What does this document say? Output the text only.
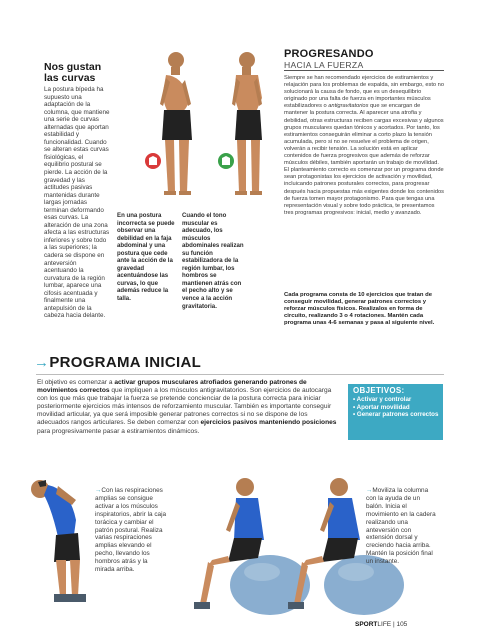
Nos gustan las curvas
La postura bípeda ha supuesto una adaptación de la columna, que mantiene una serie de curvas alternadas que aportan estabilidad y funcionalidad. Cuando se alteran estas curvas fisiológicas, el equilibrio postural se pierde. La acción de la gravedad y las actitudes pasivas mantenidas durante largas jornadas terminan deformando esas curvas. La alteración de una zona afecta a las estructuras inferiores y sobre todo a las superiores; la cadera se dispone en anteversión acentuando la curvatura de la región lumbar, aparece una cifosis acentuada y finalmente una antepulsión de la cabeza hacia delante.
En una postura incorrecta se puede observar una debilidad en la faja abdominal y una postura que cede ante la acción de la gravedad acentuándose las curvas, lo que además reduce la talla.
Cuando el tono muscular es adecuado, los músculos abdominales realizan su función estabilizadora de la región lumbar, los hombros se mantienen atrás con el pecho alto y se vence a la acción gravitatoria.
PROGRESANDO
HACIA LA FUERZA
Siempre se han recomendado ejercicios de estiramientos y relajación para los problemas de espalda, sin embargo, esto no solucionará la causa de fondo, que es un desequilibrio originado por una falta de fuerza en importantes músculos estabilizadores o antigravitatorios que se encargan de mantener la postura correcta. Al aparecer una atrofia y debilidad, otras estructuras reciben cargas excesivas y algunos grupos musculares quedan tónicos y acortados. Por tanto, los estiramientos conseguirán eliminar a corto plazo la tensión acumulada, pero si no se resuelve el problema de origen, volverán a recibir tensión. La solución está en aplicar contenidos de fuerza progresivos que además de reforzar músculos débiles, también aportarán un trabajo de movilidad. El planteamiento correcto es comenzar por un programa donde sean protagonistas los ejercicios de activación y movilidad, incluicando patrones posturales correctos, para progresar después hacia propuestas más exigentes donde los contenidos de fuerza tomen mayor protagonismo. Para que tengas una representación visual y sobre todo práctica, te presentamos tres programas progresivos: inicial, medio y avanzado.
Cada programa consta de 10 ejercicios que tratan de conseguir movilidad, generar patrones correctos y reforzar músculos físicos. Realizalos en forma de circuito, realizando 3 o 4 rotaciones. Mantén cada programa unas 4-6 semanas y pasa al siguiente nivel.
→PROGRAMA INICIAL
El objetivo es comenzar a activar grupos musculares atrofiados generando patrones de movimientos correctos que impliquen a los músculos antigravitatorios. Son ejercicios de autocarga con los que más que trabajar la fuerza se pretende concienciar de la postura correcta para iniciar posteriormente ejercicios más intensos de reforzamiento muscular. También es importante conseguir movilidad articular, ya que será imposible generar patrones correctos si no se dispone de los adecuados rangos articulares. Se deben comenzar con ejercicios pasivos manteniendo posiciones para progresivamente pasar a estiramientos dinámicos.
OBJETIVOS:
• Activar y controlar
• Aportar movilidad
• Generar patrones correctos
→Con las respiraciones amplias se consigue activar a los músculos inspiratorios, abrir la caja torácica y cambiar el patrón postural. Realiza varias respiraciones amplias elevando el pecho, llevando los hombros atrás y la mirada arriba.
→Moviliza la columna con la ayuda de un balón. Inicia el movimiento en la cadera realizando una anteversión con extensión dorsal y creciendo hacia arriba. Mantén la posición final un instante.
SPORTLIFE | 105
